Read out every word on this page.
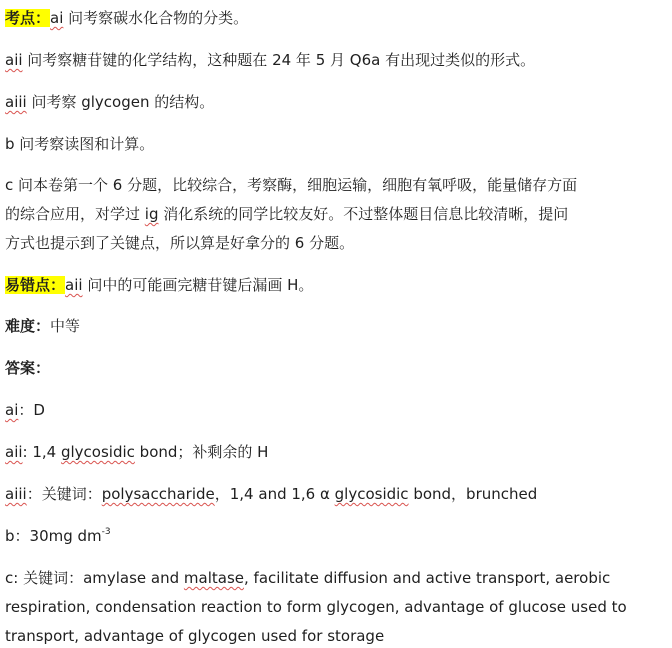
考点：ai 问考察碳水化合物的分类。
aii 问考察糖苷键的化学结构，这种题在 24 年 5 月 Q6a 有出现过类似的形式。
aiii 问考察 glycogen 的结构。
b 问考察读图和计算。
c 问本卷第一个 6 分题，比较综合，考察酶，细胞运输，细胞有氧呼吸，能量储存方面
的综合应用，对学过 ig 消化系统的同学比较友好。不过整体题目信息比较清晰，提问
方式也提示到了关键点，所以算是好拿分的 6 分题。
易错点：aii 问中的可能画完糖苷键后漏画 H。
难度：中等
答案：
ai：D
aii: 1,4 glycosidic bond；补剩余的 H
aiii：关键词：polysaccharide，1,4 and 1,6 α glycosidic bond，brunched
b：30mg $dm^{-3}$
c: 关键词：amylase and maltase, facilitate diffusion and active transport, aerobic
respiration, condensation reaction to form glycogen, advantage of glucose used to
transport, advantage of glycogen used for storage
